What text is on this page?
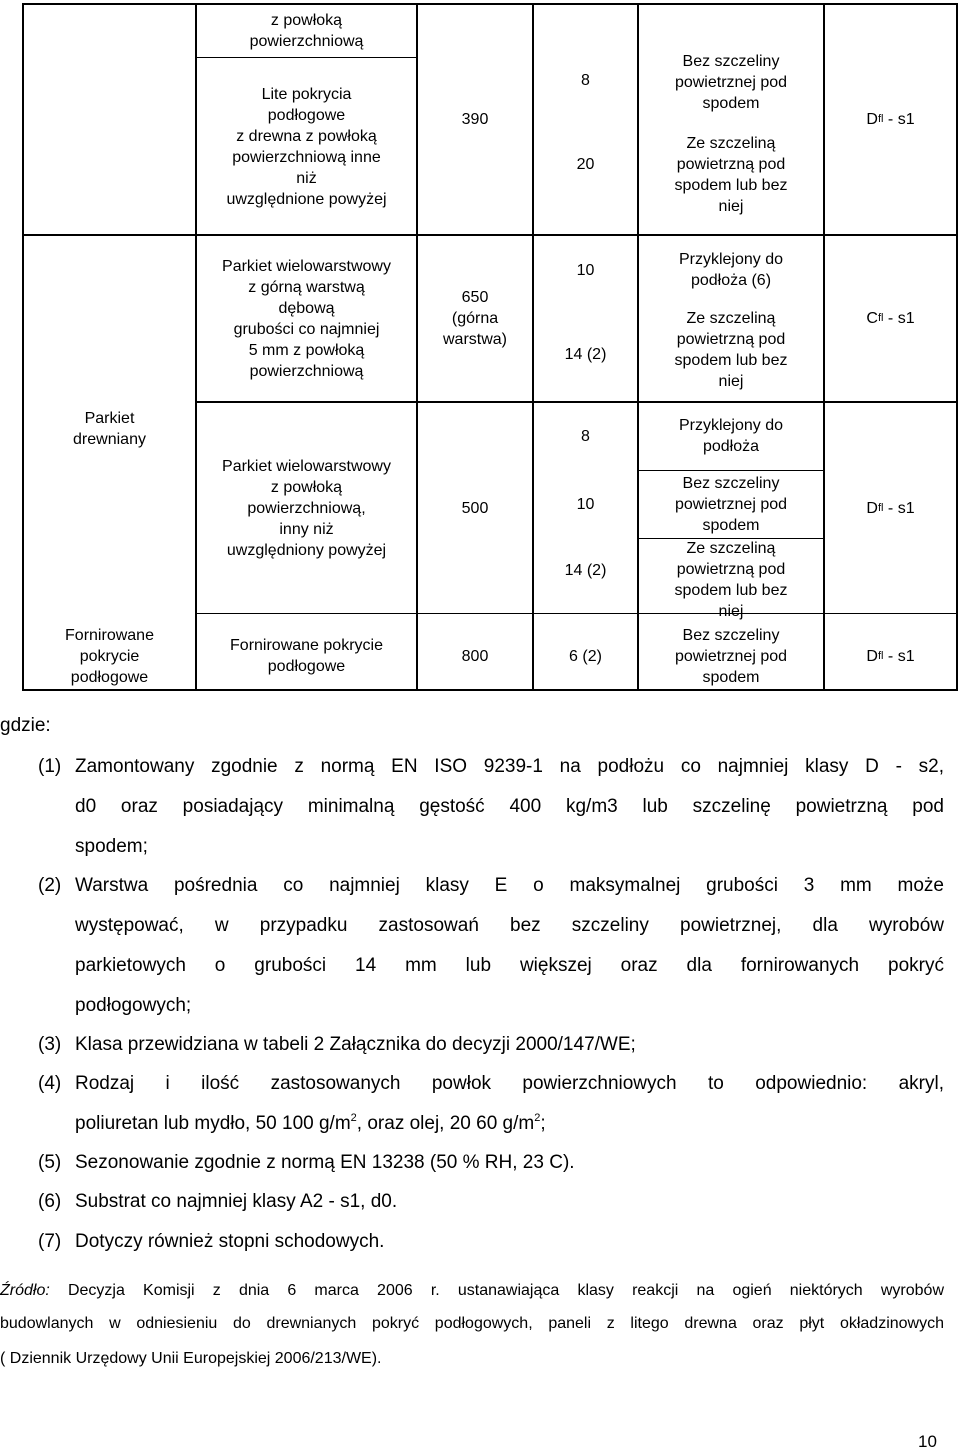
z powłoką
powierzchniową
Lite pokrycia
podłogowe
z drewna z powłoką
powierzchniową inne
niż
uwzględnione powyżej
390
8
20
Bez szczeliny
powietrznej pod
spodem
Ze szczeliną
powietrzną pod
spodem lub bez
niej
D fl - s1
Parkiet wielowarstwowy
z górną warstwą
dębową
grubości co najmniej
5 mm z powłoką
powierzchniową
650
(górna
warstwa)
10
14 (2)
Przyklejony do
podłoża (6)
Ze szczeliną
powietrzną pod
spodem lub bez
niej
C fl - s1
Parkiet
drewniany
Parkiet wielowarstwowy
z powłoką
powierzchniową,
inny niż
uwzględniony powyżej
500
8
10
14 (2)
Przyklejony do
podłoża
Bez szczeliny
powietrznej pod
spodem
Ze szczeliną
powietrzną pod
spodem lub bez
niej
D fl - s1
Fornirowane
pokrycie
podłogowe
Fornirowane pokrycie
podłogowe
800	6 (2)
Bez szczeliny
powietrznej pod
spodem
D fl - s1
gdzie:
(1) Zamontowany zgodnie z normą EN ISO 9239-1 na podłożu co najmniej klasy D - s2,
d0 oraz posiadający minimalną gęstość 400 kg/m3 lub szczelinę powietrzną pod
spodem;
(2) Warstwa pośrednia co najmniej klasy E o maksymalnej grubości 3 mm może
występować, w przypadku zastosowań bez szczeliny powietrznej, dla wyrobów
parkietowych o grubości 14 mm lub większej oraz dla fornirowanych pokryć
podłogowych;
(3) Klasa przewidziana w tabeli 2 Załącznika do decyzji 2000/147/WE;
(4) Rodzaj i ilość zastosowanych powłok powierzchniowych to odpowiednio: akryl,
poliuretan lub mydło, 50 100 $g/m^2$, oraz olej, 20 60 $g/m^2$;
(5) Sezonowanie zgodnie z normą EN 13238 (50 % RH, 23 C).
(6) Substrat co najmniej klasy A2 - s1, d0.
(7) Dotyczy również stopni schodowych.
Źródło: Decyzja Komisji z dnia 6 marca 2006 r. ustanawiająca klasy reakcji na ogień niektórych wyrobów
budowlanych w odniesieniu do drewnianych pokryć podłogowych, paneli z litego drewna oraz płyt okładzinowych
( Dziennik Urzędowy Unii Europejskiej 2006/213/WE).
10
